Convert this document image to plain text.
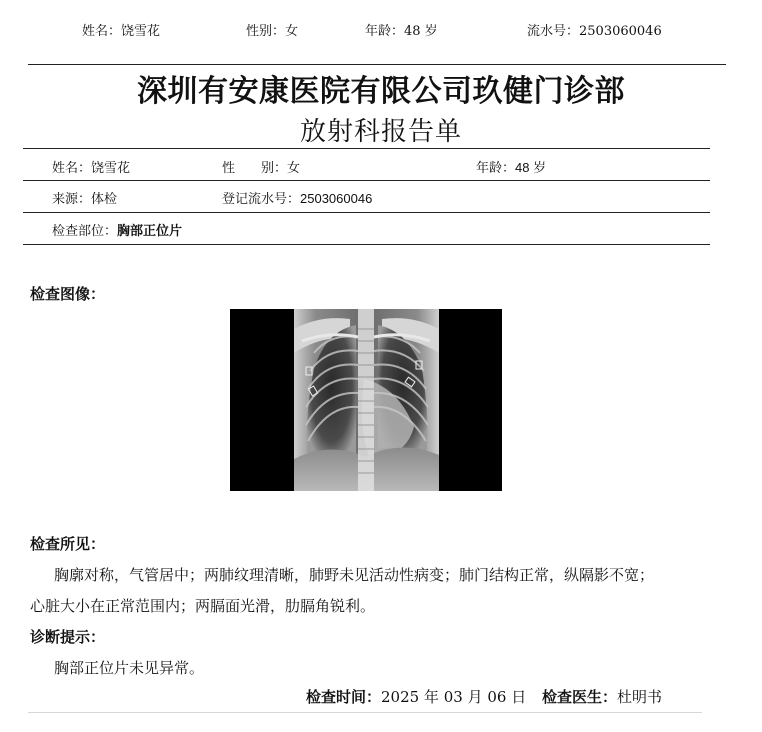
姓名：饶雪花	性别：女	年龄：48 岁	流水号：2503060046
深圳有安康医院有限公司玖健门诊部
放射科报告单
姓名：饶雪花	性　　别：女	年龄：48 岁
来源：体检	登记流水号：2503060046
检查部位：胸部正位片
检查图像：
检查所见：
胸廓对称，气管居中；两肺纹理清晰，肺野未见活动性病变；肺门结构正常，纵隔影不宽；
心脏大小在正常范围内；两膈面光滑，肋膈角锐利。
诊断提示：
胸部正位片未见异常。
检查时间：2025 年 03 月 06 日 检查医生：杜明书
